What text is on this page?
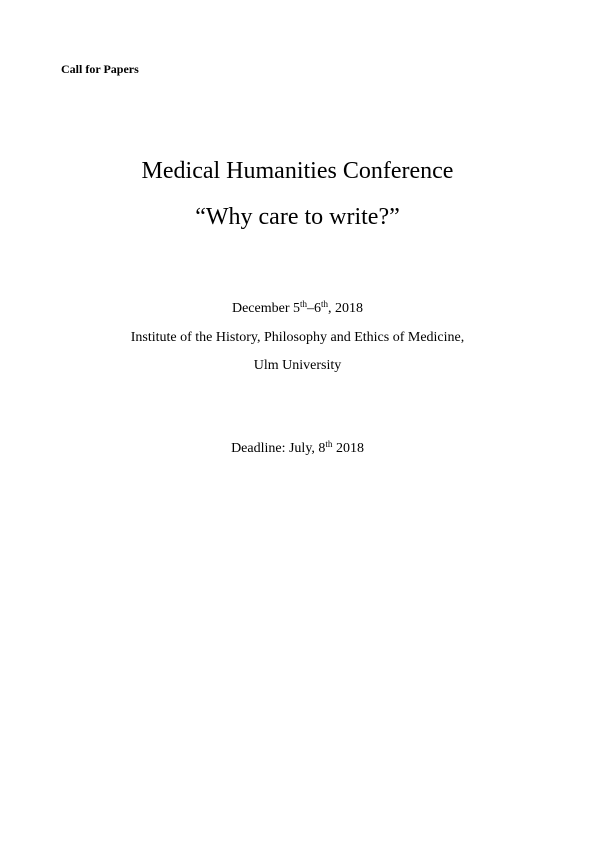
Call for Papers
Medical Humanities Conference
“Why care to write?”
December 5th–6th, 2018
Institute of the History, Philosophy and Ethics of Medicine,
Ulm University
Deadline: July, 8th 2018
